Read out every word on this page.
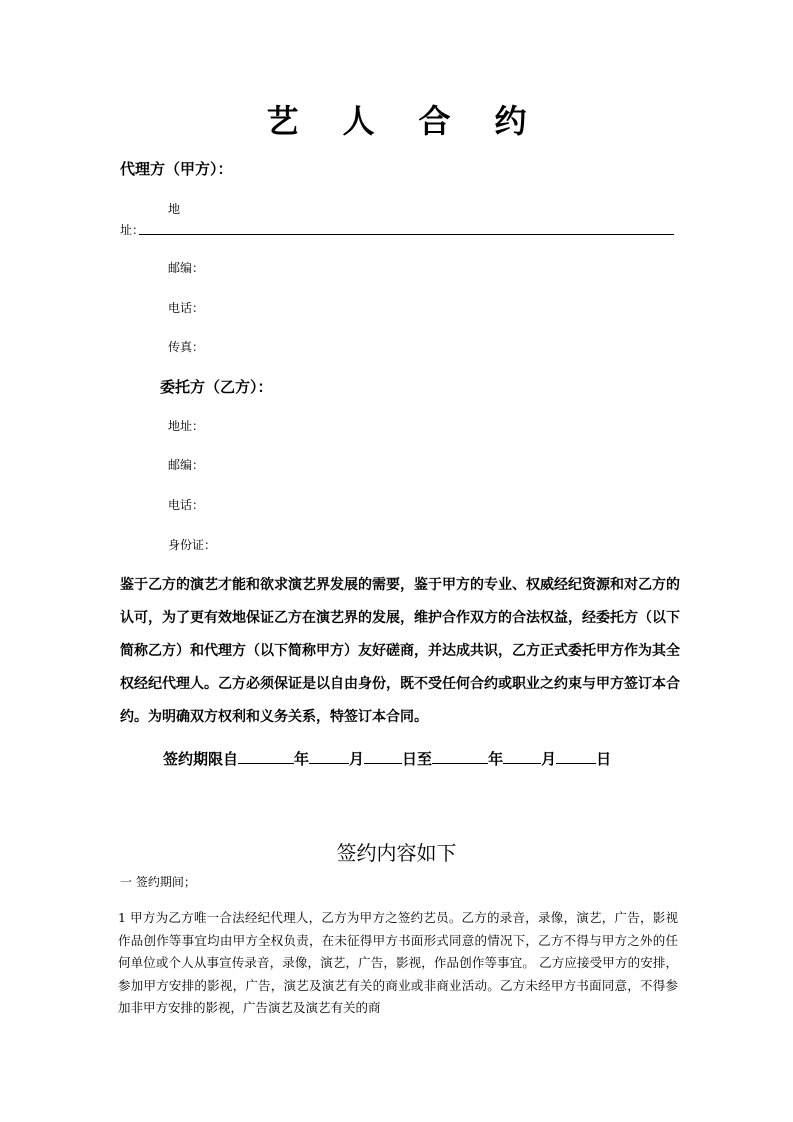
艺 人 合 约
代理方（甲方）：
地
址：
邮编：
电话：
传真：
委托方（乙方）：
地址：
邮编：
电话：
身份证：
鉴于乙方的演艺才能和欲求演艺界发展的需要，鉴于甲方的专业、权威经纪资源和对乙方的认可，为了更有效地保证乙方在演艺界的发展，维护合作双方的合法权益，经委托方（以下简称乙方）和代理方（以下简称甲方）友好磋商，并达成共识，乙方正式委托甲方作为其全权经纪代理人。乙方必须保证是以自由身份，既不受任何合约或职业之约束与甲方签订本合约。为明确双方权利和义务关系，特签订本合同。
签约期限自	年	月	日至	年	月	日
签约内容如下
一 签约期间；
1 甲方为乙方唯一合法经纪代理人，乙方为甲方之签约艺员。乙方的录音，录像，演艺，广告，影视 作品创作等事宜均由甲方全权负责，在未征得甲方书面形式同意的情况下，乙方不得与甲方之外的任何单位或个人从事宣传录音，录像，演艺，广告，影视，作品创作等事宜。 乙方应接受甲方的安排，参加甲方安排的影视，广告，演艺及演艺有关的商业或非商业活动。乙方未经甲方书面同意，不得参加非甲方安排的影视，广告演艺及演艺有关的商
